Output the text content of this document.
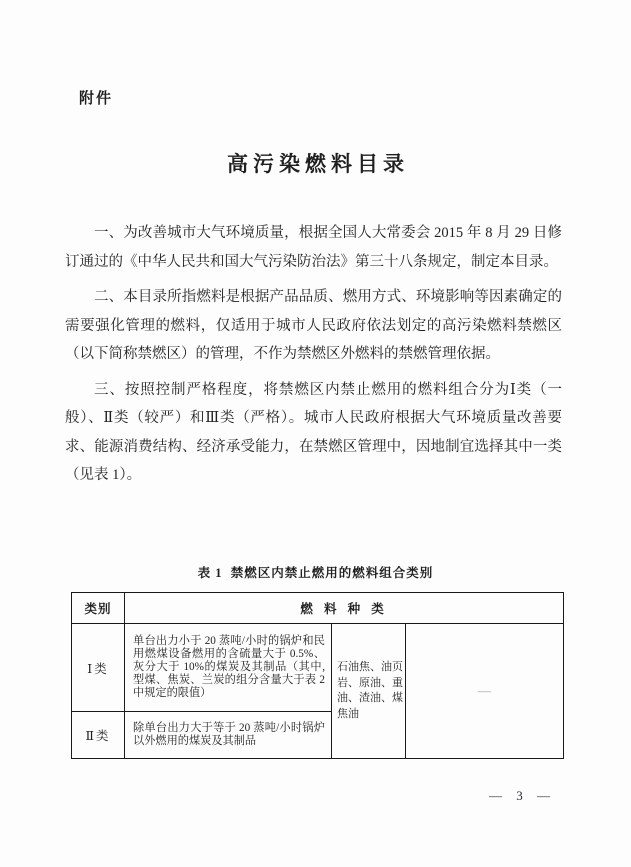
附件
高污染燃料目录

一、为改善城市大气环境质量，根据全国人大常委会 2015 年 8 月 29 日修订通过的《中华人民共和国大气污染防治法》第三十八条规定，制定本目录。

二、本目录所指燃料是根据产品品质、燃用方式、环境影响等因素确定的需要强化管理的燃料，仅适用于城市人民政府依法划定的高污染燃料禁燃区（以下简称禁燃区）的管理，不作为禁燃区外燃料的禁燃管理依据。

三、按照控制严格程度，将禁燃区内禁止燃用的燃料组合分为Ⅰ类（一般）、Ⅱ类（较严）和Ⅲ类（严格）。城市人民政府根据大气环境质量改善要求、能源消费结构、经济承受能力，在禁燃区管理中，因地制宜选择其中一类（见表 1）。

表 1  禁燃区内禁止燃用的燃料组合类别
类别	燃 料 种 类		
Ⅰ类	单台出力小于 20 蒸吨/小时的锅炉和民用燃煤设备燃用的含硫量大于 0.5%、灰分大于 10%的煤炭及其制品（其中,型煤、焦炭、兰炭的组分含量大于表 2 中规定的限值）	石油焦、油页岩、原油、重油、渣油、煤焦油	—
Ⅱ类	除单台出力大于等于 20 蒸吨/小时锅炉以外燃用的煤炭及其制品		
— 3 —
